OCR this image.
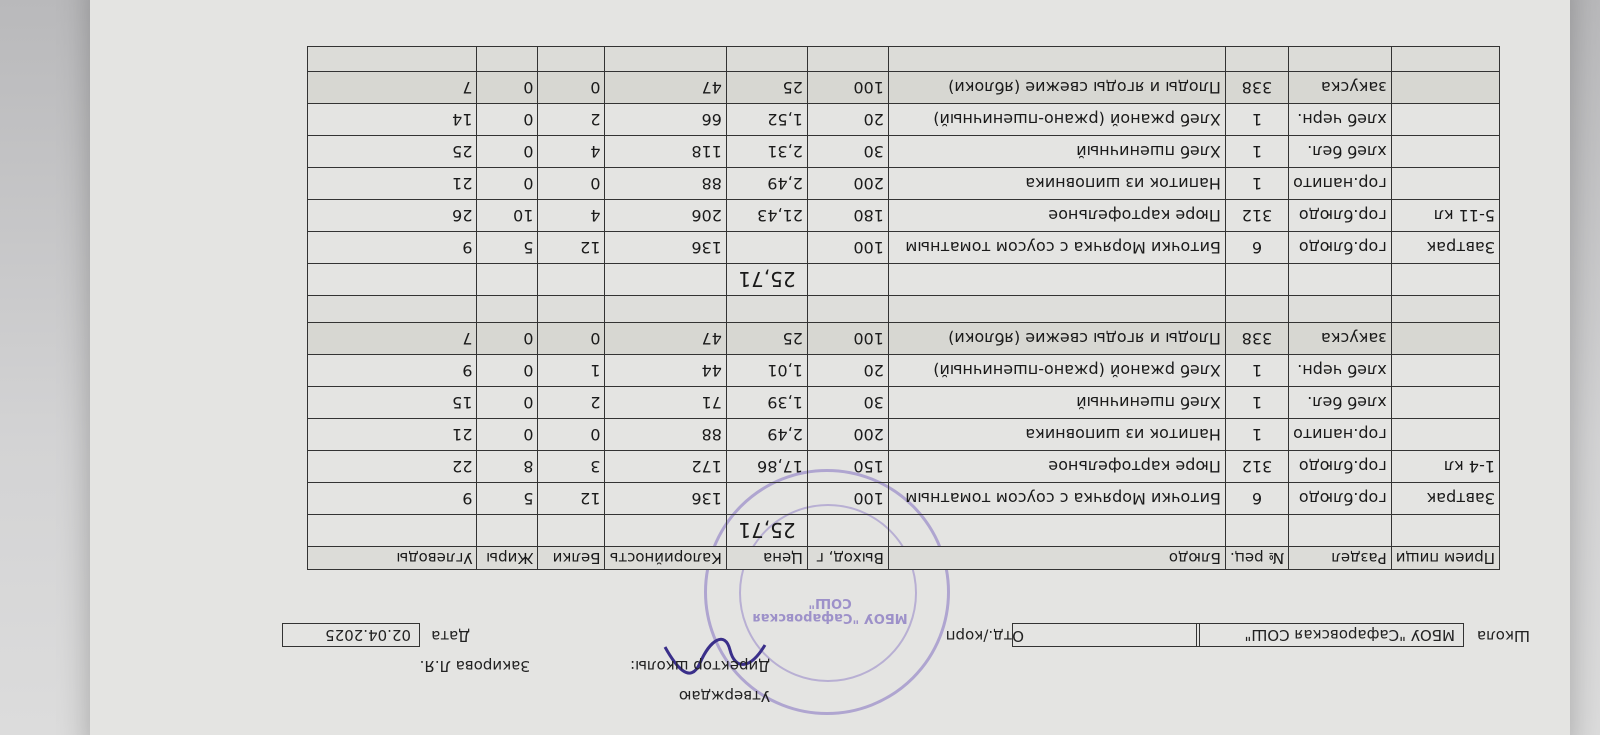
МБОУ "Сафаровская СОШ"
Утверждаю
Директор школы:
Закирова Л.Я.
Школа
МБОУ "Сафаровская СОШ"
Отд./корп
Дата
02.04.2025
Прием пищи	Раздел	№ рец.	Блюдо	Выход, г	Цена	Калорийность	Белки	Жиры	Углеводы
					25,71				
Завтрак	гор.блюдо	6	Биточки Морячка с соусом томатным	100		136	12	5	9
1-4 кл	гор.блюдо	312	Пюре картофельное	150	17,86	172	3	8	22
	гор.напито	1	Напиток из шиповника	200	2,49	88	0	0	21
	хлеб бел.	1	Хлеб пшеничный	30	1,39	71	2	0	15
	хлеб черн.	1	Хлеб ржаной (ржано-пшеничный)	20	1,01	44	1	0	9
	закуска	338	Плоды и ягоды свежие (яблоки)	100	25	47	0	0	7

					25,71				
Завтрак	гор.блюдо	6	Биточки Морячка с соусом томатным	100		136	12	5	9
5-11 кл	гор.блюдо	312	Пюре картофельное	180	21,43	206	4	10	26
	гор.напито	1	Напиток из шиповника	200	2,49	88	0	0	21
	хлеб бел.	1	Хлеб пшеничный	30	2,31	118	4	0	25
	хлеб черн.	1	Хлеб ржаной (ржано-пшеничный)	20	1,52	66	2	0	14
	закуска	338	Плоды и ягоды свежие (яблоки)	100	25	47	0	0	7
